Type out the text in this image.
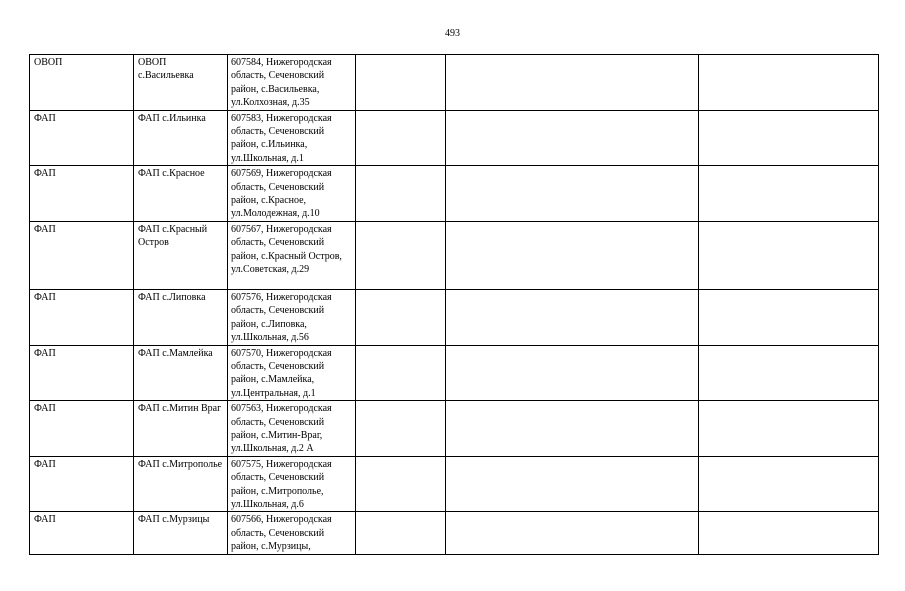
493
ОВОП	ОВОП с.Васильевка	607584, Нижегородская область, Сеченовский район, с.Васильевка, ул.Колхозная, д.35			
ФАП	ФАП с.Ильинка	607583, Нижегородская область, Сеченовский район, с.Ильинка, ул.Школьная, д.1			
ФАП	ФАП с.Красное	607569, Нижегородская область, Сеченовский район, с.Красное, ул.Молодежная, д.10			
ФАП	ФАП с.Красный Остров	607567, Нижегородская область, Сеченовский район, с.Красный Остров, ул.Советская, д.29			
ФАП	ФАП с.Липовка	607576, Нижегородская область, Сеченовский район, с.Липовка, ул.Школьная, д.56			
ФАП	ФАП с.Мамлейка	607570, Нижегородская область, Сеченовский район, с.Мамлейка, ул.Центральная, д.1			
ФАП	ФАП с.Митин Враг	607563, Нижегородская область, Сеченовский район, с.Митин-Враг, ул.Школьная, д.2 А			
ФАП	ФАП с.Митрополье	607575, Нижегородская область, Сеченовский район, с.Митрополье, ул.Школьная, д.6			
ФАП	ФАП с.Мурзицы	607566, Нижегородская область, Сеченовский район, с.Мурзицы,			
